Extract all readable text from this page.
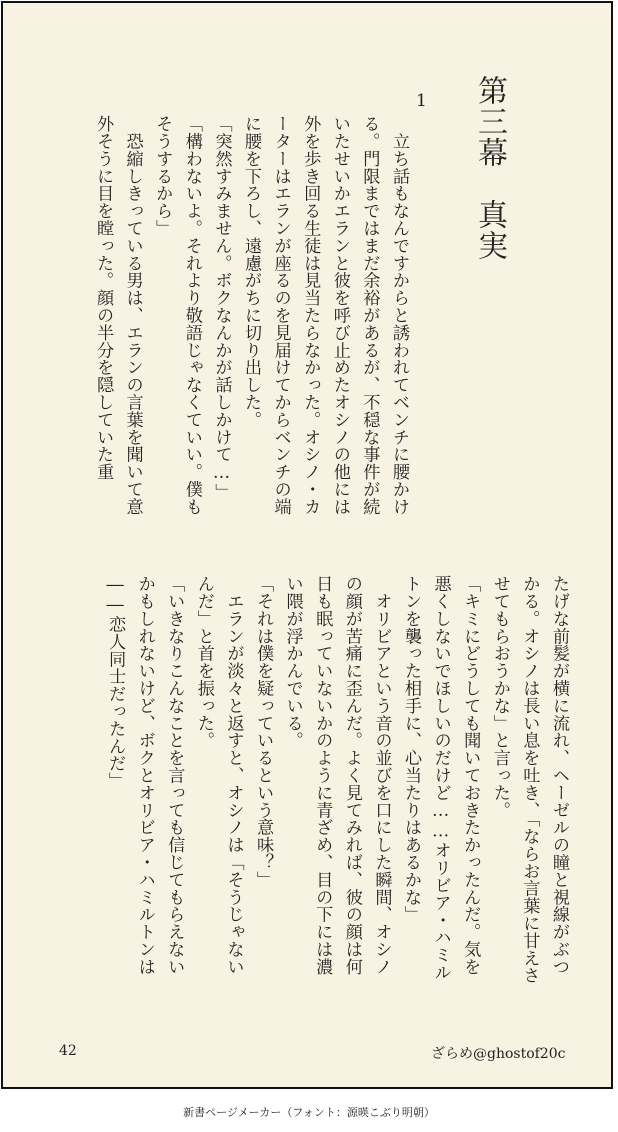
第三幕　真実
1

　立ち話もなんですからと誘われてベンチに腰かける。門限まではまだ余裕があるが、不穏な事件が続いたせいかエランと彼を呼び止めたオシノの他には外を歩き回る生徒は見当たらなかった。オシノ・カーターはエランが座るのを見届けてからベンチの端に腰を下ろし、遠慮がちに切り出した。

「突然すみません。ボクなんかが話しかけて…」

「構わないよ。それより敬語じゃなくていい。僕もそうするから」

　恐縮しきっている男は、エランの言葉を聞いて意外そうに目を瞠った。顔の半分を隠していた重

たげな前髪が横に流れ、ヘーゼルの瞳と視線がぶつかる。オシノは長い息を吐き、「ならお言葉に甘えさせてもらおうかな」と言った。

「キミにどうしても聞いておきたかったんだ。気を悪くしないでほしいのだけど……オリビア・ハミルトンを襲った相手に、心当たりはあるかな」

　オリビアという音の並びを口にした瞬間、オシノの顔が苦痛に歪んだ。よく見てみれば、彼の顔は何日も眠っていないかのように青ざめ、目の下には濃い隈が浮かんでいる。

「それは僕を疑っているという意味？」

　エランが淡々と返すと、オシノは「そうじゃないんだ」と首を振った。

「いきなりこんなことを言っても信じてもらえないかもしれないけど、ボクとオリビア・ハミルトンは――恋人同士だったんだ」

42	ざらめ@ghostof20c
新書ページメーカー（フォント：源暎こぶり明朝）
